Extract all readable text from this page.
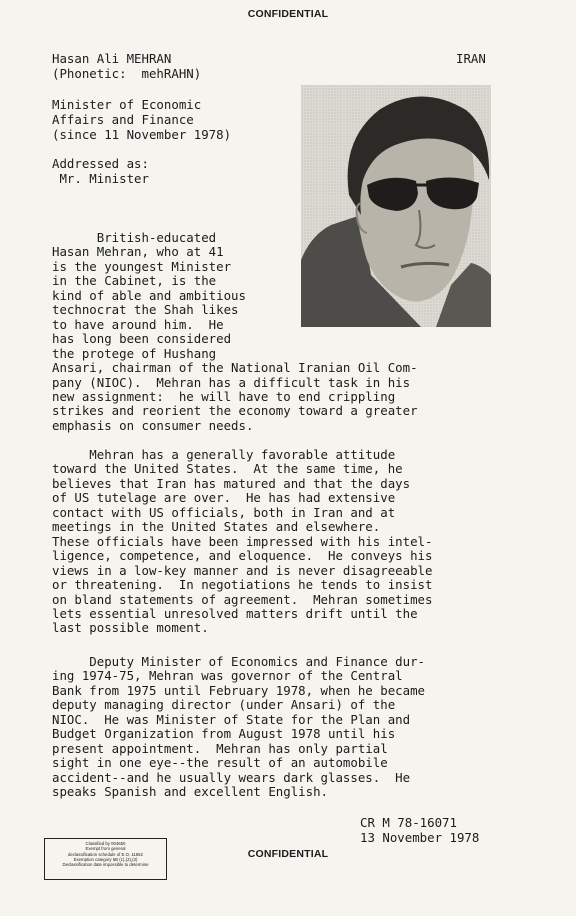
CONFIDENTIAL
Hasan Ali MEHRAN
(Phonetic:  mehRAHN)
IRAN
Minister of Economic
Affairs and Finance
(since 11 November 1978)
Addressed as:
Mr. Minister
British-educated
Hasan Mehran, who at 41
is the youngest Minister
in the Cabinet, is the
kind of able and ambitious
technocrat the Shah likes
to have around him.  He
has long been considered
the protege of Hushang
Ansari, chairman of the National Iranian Oil Com-
pany (NIOC).  Mehran has a difficult task in his
new assignment:  he will have to end crippling
strikes and reorient the economy toward a greater
emphasis on consumer needs.
Mehran has a generally favorable attitude
toward the United States.  At the same time, he
believes that Iran has matured and that the days
of US tutelage are over.  He has had extensive
contact with US officials, both in Iran and at
meetings in the United States and elsewhere.
These officials have been impressed with his intel-
ligence, competence, and eloquence.  He conveys his
views in a low-key manner and is never disagreeable
or threatening.  In negotiations he tends to insist
on bland statements of agreement.  Mehran sometimes
lets essential unresolved matters drift until the
last possible moment.
Deputy Minister of Economics and Finance dur-
ing 1974-75, Mehran was governor of the Central
Bank from 1975 until February 1978, when he became
deputy managing director (under Ansari) of the
NIOC.  He was Minister of State for the Plan and
Budget Organization from August 1978 until his
present appointment.  Mehran has only partial
sight in one eye--the result of an automobile
accident--and he usually wears dark glasses.  He
speaks Spanish and excellent English.
CR M 78-16071
13 November 1978
Classified by 004650
Exempt from general
declassification schedule of E.O. 11652
Exemption category 5B (1),(2),(3)
Declassification date impossible to determine
CONFIDENTIAL
